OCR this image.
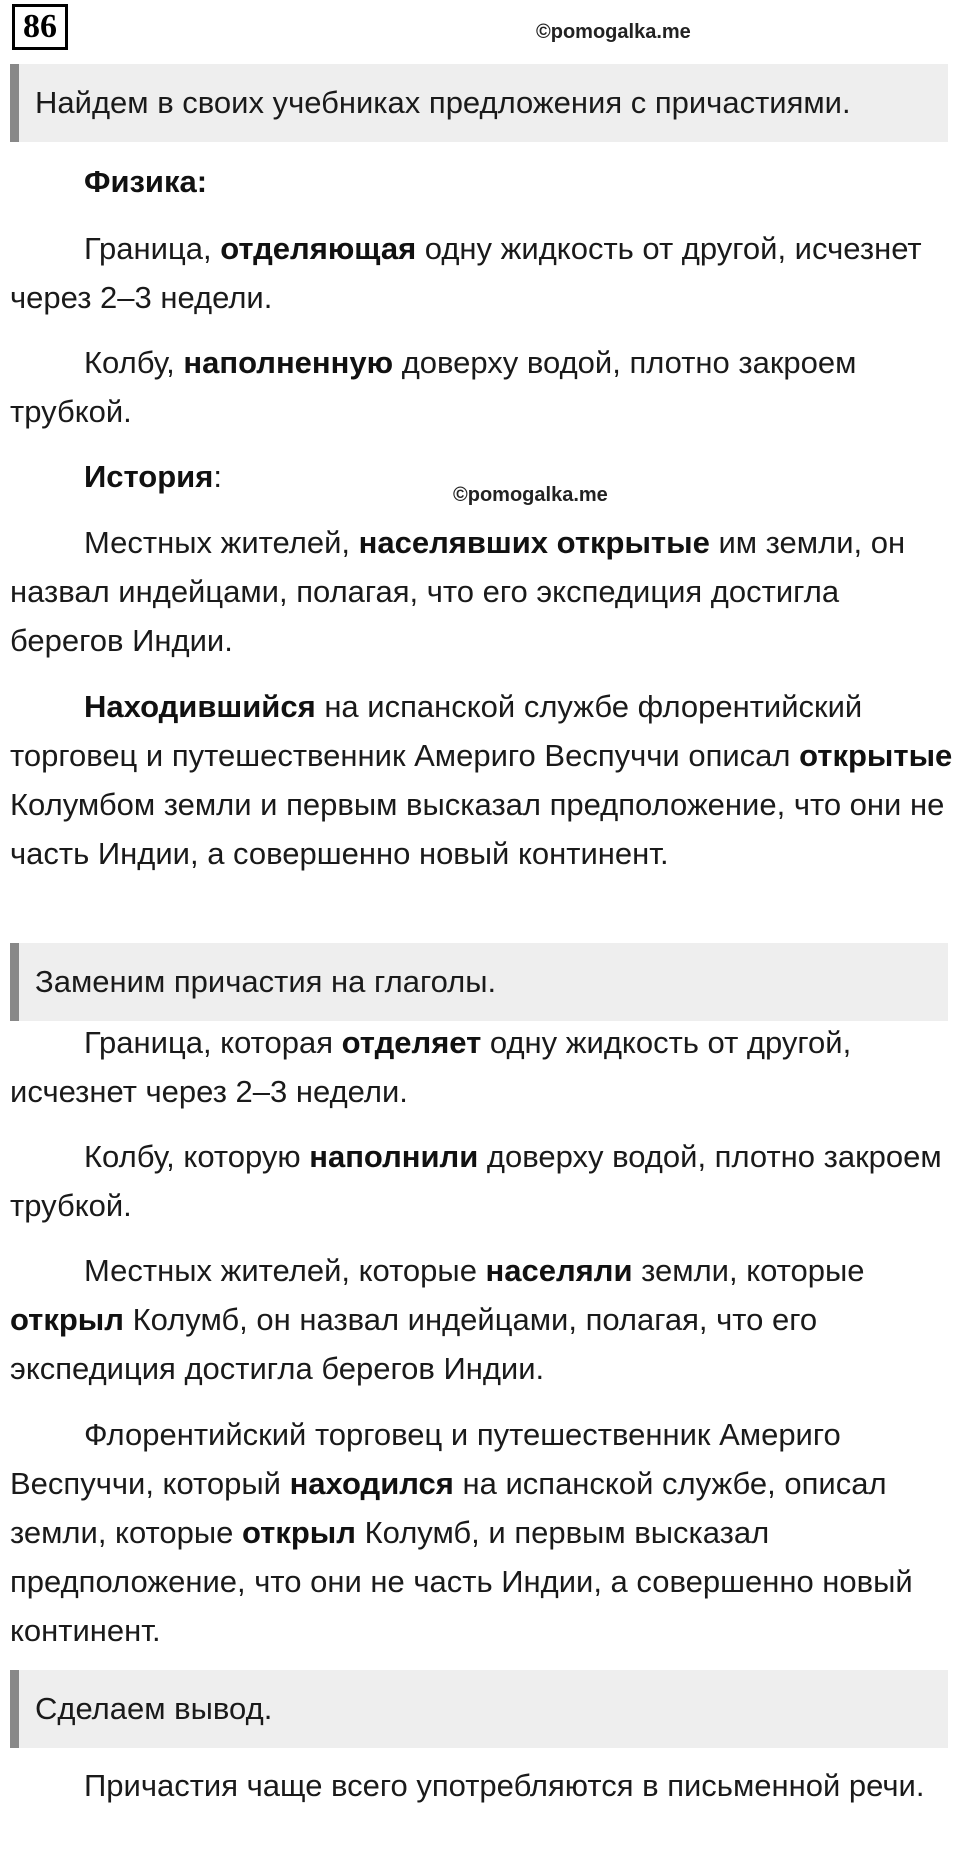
86	©pomogalka.me
Найдем в своих учебниках предложения с причастиями.
Физика:

Граница, отделяющая одну жидкость от другой, исчезнет через 2–3 недели.

Колбу, наполненную доверху водой, плотно закроем трубкой.

История:
©pomogalka.me

Местных жителей, населявших открытые им земли, он назвал индейцами, полагая, что его экспедиция достигла берегов Индии.

Находившийся на испанской службе флорентийский торговец и путешественник Америго Веспуччи описал открытые Колумбом земли и первым высказал предположение, что они не часть Индии, а совершенно новый континент.

Заменим причастия на глаголы.

Граница, которая отделяет одну жидкость от другой, исчезнет через 2–3 недели.

Колбу, которую наполнили доверху водой, плотно закроем трубкой.

Местных жителей, которые населяли земли, которые открыл Колумб, он назвал индейцами, полагая, что его экспедиция достигла берегов Индии.

Флорентийский торговец и путешественник Америго Веспуччи, который находился на испанской службе, описал земли, которые открыл Колумб, и первым высказал предположение, что они не часть Индии, а совершенно новый континент.

Сделаем вывод.

Причастия чаще всего употребляются в письменной речи.
